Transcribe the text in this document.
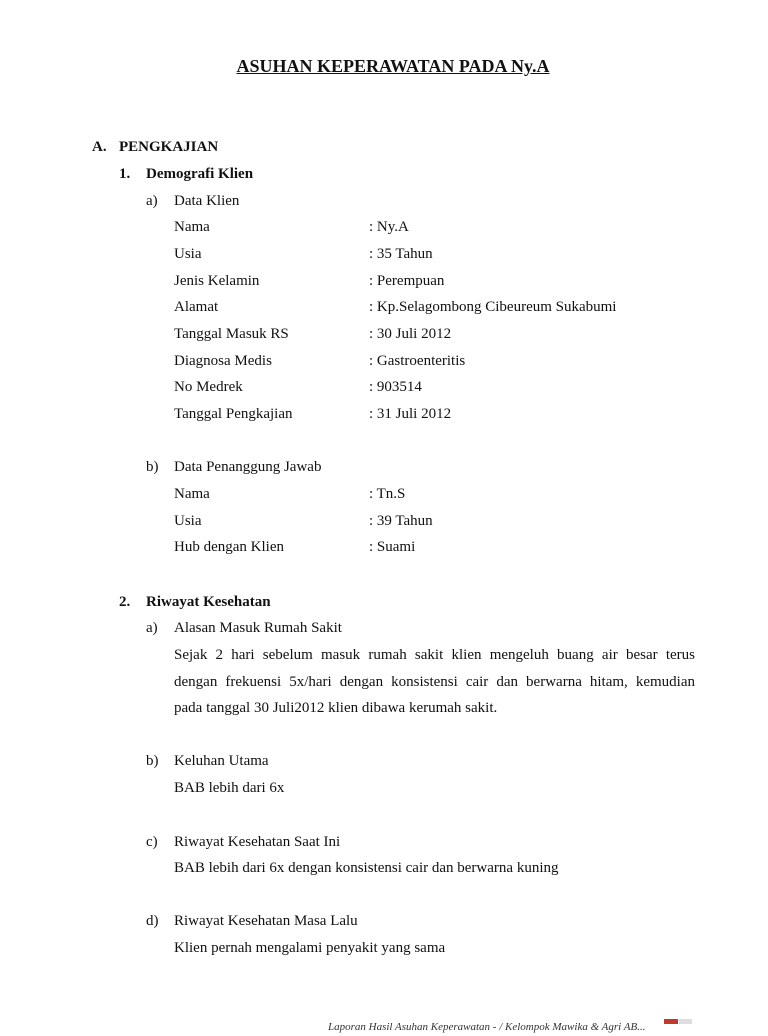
ASUHAN KEPERAWATAN PADA Ny.A
A. PENGKAJIAN
1. Demografi Klien
a) Data Klien
Nama	: Ny.A
Usia	: 35 Tahun
Jenis Kelamin	: Perempuan
Alamat	: Kp.Selagombong Cibeureum Sukabumi
Tanggal Masuk RS	: 30 Juli 2012
Diagnosa Medis	: Gastroenteritis
No Medrek	: 903514
Tanggal Pengkajian	: 31 Juli 2012
b) Data Penanggung Jawab
Nama	: Tn.S
Usia	: 39 Tahun
Hub dengan Klien	: Suami
2. Riwayat Kesehatan
a) Alasan Masuk Rumah Sakit
Sejak 2 hari sebelum masuk rumah sakit klien mengeluh buang air besar terus
dengan frekuensi 5x/hari dengan konsistensi cair dan berwarna hitam, kemudian
pada tanggal 30 Juli2012 klien dibawa kerumah sakit.
b) Keluhan Utama
BAB lebih dari 6x
c) Riwayat Kesehatan Saat Ini
BAB lebih dari 6x dengan konsistensi cair dan berwarna kuning
d) Riwayat Kesehatan Masa Lalu
Klien pernah mengalami penyakit yang sama
Laporan Hasil Asuhan Keperawatan - / Kelompok Mawika & Agri AB...
